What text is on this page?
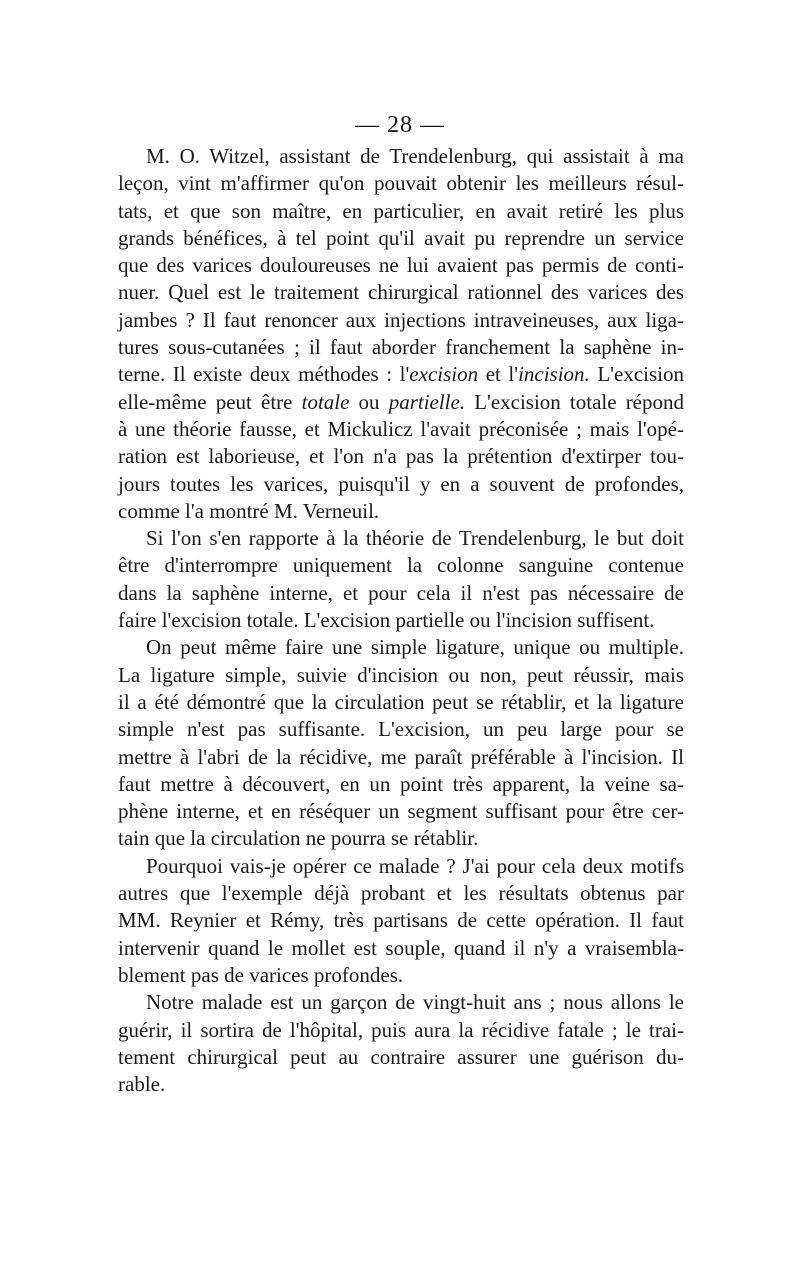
— 28 —
M. O. Witzel, assistant de Trendelenburg, qui assistait à ma
leçon, vint m'affirmer qu'on pouvait obtenir les meilleurs résul-
tats, et que son maître, en particulier, en avait retiré les plus
grands bénéfices, à tel point qu'il avait pu reprendre un service
que des varices douloureuses ne lui avaient pas permis de conti-
nuer. Quel est le traitement chirurgical rationnel des varices des
jambes ? Il faut renoncer aux injections intraveineuses, aux liga-
tures sous-cutanées ; il faut aborder franchement la saphène in-
terne. Il existe deux méthodes : l'excision et l'incision. L'excision
elle-même peut être totale ou partielle. L'excision totale répond
à une théorie fausse, et Mickulicz l'avait préconisée ; mais l'opé-
ration est laborieuse, et l'on n'a pas la prétention d'extirper tou-
jours toutes les varices, puisqu'il y en a souvent de profondes,
comme l'a montré M. Verneuil.
Si l'on s'en rapporte à la théorie de Trendelenburg, le but doit
être d'interrompre uniquement la colonne sanguine contenue
dans la saphène interne, et pour cela il n'est pas nécessaire de
faire l'excision totale. L'excision partielle ou l'incision suffisent.
On peut même faire une simple ligature, unique ou multiple.
La ligature simple, suivie d'incision ou non, peut réussir, mais
il a été démontré que la circulation peut se rétablir, et la ligature
simple n'est pas suffisante. L'excision, un peu large pour se
mettre à l'abri de la récidive, me paraît préférable à l'incision. Il
faut mettre à découvert, en un point très apparent, la veine sa-
phène interne, et en réséquer un segment suffisant pour être cer-
tain que la circulation ne pourra se rétablir.
Pourquoi vais-je opérer ce malade ? J'ai pour cela deux motifs
autres que l'exemple déjà probant et les résultats obtenus par
MM. Reynier et Rémy, très partisans de cette opération. Il faut
intervenir quand le mollet est souple, quand il n'y a vraisembla-
blement pas de varices profondes.
Notre malade est un garçon de vingt-huit ans ; nous allons le
guérir, il sortira de l'hôpital, puis aura la récidive fatale ; le trai-
tement chirurgical peut au contraire assurer une guérison du-
rable.
